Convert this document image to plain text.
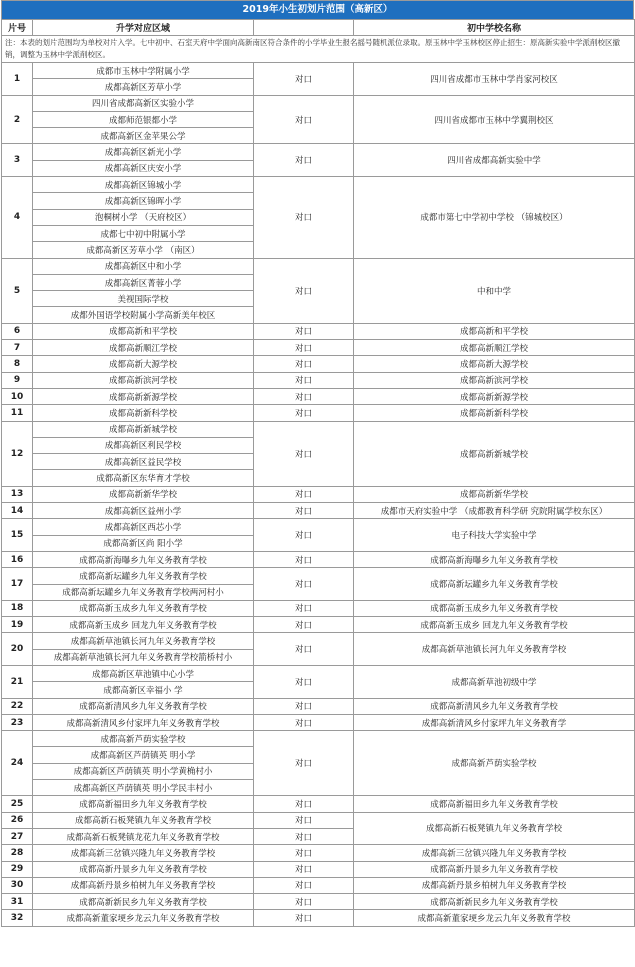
2019年小生初划片范围（高新区）
片号	升学对应区域		初中学校名称
注：本表的划片范围均为单校对片入学。七中初中、石室天府中学面向高新南区符合条件的小学毕业生报名摇号随机派位录取。原玉林中学玉林校区停止招生：原高新实验中学派削校区撤销，调整为玉林中学派削校区。			
1	成都市玉林中学附属小学	对口	四川省成都市玉林中学肖家河校区
	成都高新区芳草小学		
2	四川省成都高新区实验小学	对口	四川省成都市玉林中学翼荆校区
	成都师范银都小学		
	成都高新区金苹果公学		
3	成都高新区新光小学	对口	四川省成都高新实验中学
	成都高新区庆安小学		
4	成都高新区锦城小学	对口	成都市第七中学初中学校 （锦城校区）
	成都高新区锦晖小学		
	泡桐树小学 （天府校区）		
	成都七中初中附属小学		
	成都高新区芳草小学 （南区）		
5	成都高新区中和小学	对口	中和中学
	成都高新区菁蓉小学		
	美视国际学校		
	成都外国语学校附属小学高新美年校区		
6	成都高新和平学校	对口	成都高新和平学校
7	成都高新顺江学校	对口	成都高新顺江学校
8	成都高新大源学校	对口	成都高新大源学校
9	成都高新滨河学校	对口	成都高新滨河学校
10	成都高新新源学校	对口	成都高新新源学校
11	成都高新新科学校	对口	成都高新新科学校
12	成都高新新城学校	对口	成都高新新城学校
	成都高新区利民学校		
	成都高新区益民学校		
	成都高新区东华育才学校		
13	成都高新新华学校	对口	成都高新新华学校
14	成都高新区益州小学	对口	成都市天府实验中学 （成都教育科学研 究院附属学校东区）
15	成都高新区西芯小学	对口	电子科技大学实验中学
	成都高新区尚 阳小学		
16	成都高新海曝乡九年义务教育学校	对口	成都高新海曝乡九年义务教育学校
17	成都高新坛罐乡九年义务教育学校	对口	成都高新坛罐乡九年义务教育学校
	成都高新坛罐乡九年义务教育学校两河村小		
18	成都高新玉成乡九年义务教育学校	对口	成都高新玉成乡九年义务教育学校
19	成都高新玉成乡 回龙九年义务教育学校	对口	成都高新玉成乡 回龙九年义务教育学校
20	成都高新草池镇长河九年义务教育学校	对口	成都高新草池镇长河九年义务教育学校
	成都高新草池镇长河九年义务教育学校箭桥村小		
21	成都高新区草池镇中心小学	对口	成都高新草池初级中学
	成都高新区幸福小 学		
22	成都高新清风乡九年义务教育学校	对口	成都高新清风乡九年义务教育学校
23	成都高新清风乡付家坪九年义务教育学校	对口	成都高新清风乡付家坪九年义务教育学
24	成都高新芦荫实验学校	对口	成都高新芦荫实验学校
	成都高新区芦荫镇英 明小学		
	成都高新区芦荫镇英 明小学黄桷村小		
	成都高新区芦荫镇英 明小学民丰村小		
25	成都高新福田乡九年义务教育学校	对口	成都高新福田乡九年义务教育学校
26	成都高新石板凳镇九年义务教育学校	对口	成都高新石板凳镇九年义务教育学校
27	成都高新石板凳镇龙花九年义务教育学校	对口	
28	成都高新三岔镇兴隆九年义务教育学校	对口	成都高新三岔镇兴隆九年义务教育学校
29	成都高新丹景乡九年义务教育学校	对口	成都高新丹景乡九年义务教育学校
30	成都高新丹景乡柏树九年义务教育学校	对口	成都高新丹景乡柏树九年义务教育学校
31	成都高新新民乡九年义务教育学校	对口	成都高新新民乡九年义务教育学校
32	成都高新董家埂乡龙云九年义务教育学校	对口	成都高新董家埂乡龙云九年义务教育学校
